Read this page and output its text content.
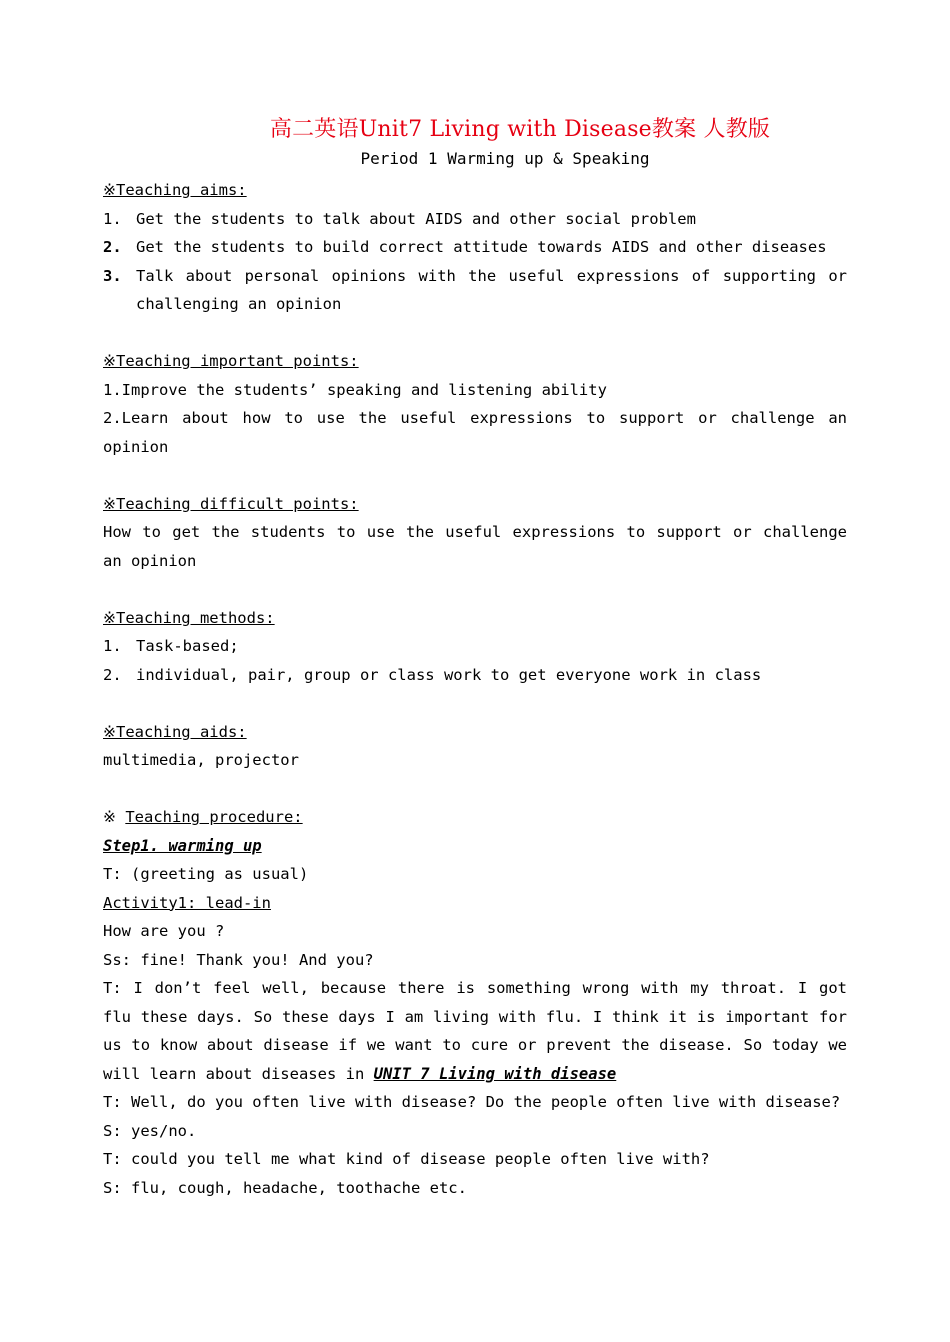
高二英语Unit7 Living with Disease教案 人教版
Period 1 Warming up & Speaking

※Teaching aims:

1. Get the students to talk about AIDS and other social problem
2. Get the students to build correct attitude towards AIDS and other diseases
3. Talk about personal opinions with the useful expressions of supporting or challenging an opinion

※Teaching important points:

1.Improve the students’ speaking and listening ability

2.Learn about how to use the useful expressions to support or challenge an opinion

※Teaching difficult points:

How to get the students to use the useful expressions to support or challenge an opinion

※Teaching methods:

1. Task-based;
2. individual, pair, group or class work to get everyone work in class

※Teaching aids:

multimedia, projector

※ Teaching procedure:

Step1. warming up

T: (greeting as usual)

Activity1: lead-in

How are you ?

Ss: fine! Thank you! And you?

T: I don’t feel well, because there is something wrong with my throat. I got flu these days. So these days I am living with flu. I think it is important for us to know about disease if we want to cure or prevent the disease. So today we will learn about diseases in UNIT 7 Living with disease

T: Well, do you often live with disease? Do the people often live with disease?

S: yes/no.

T: could you tell me what kind of disease people often live with?

S: flu, cough, headache, toothache etc.
